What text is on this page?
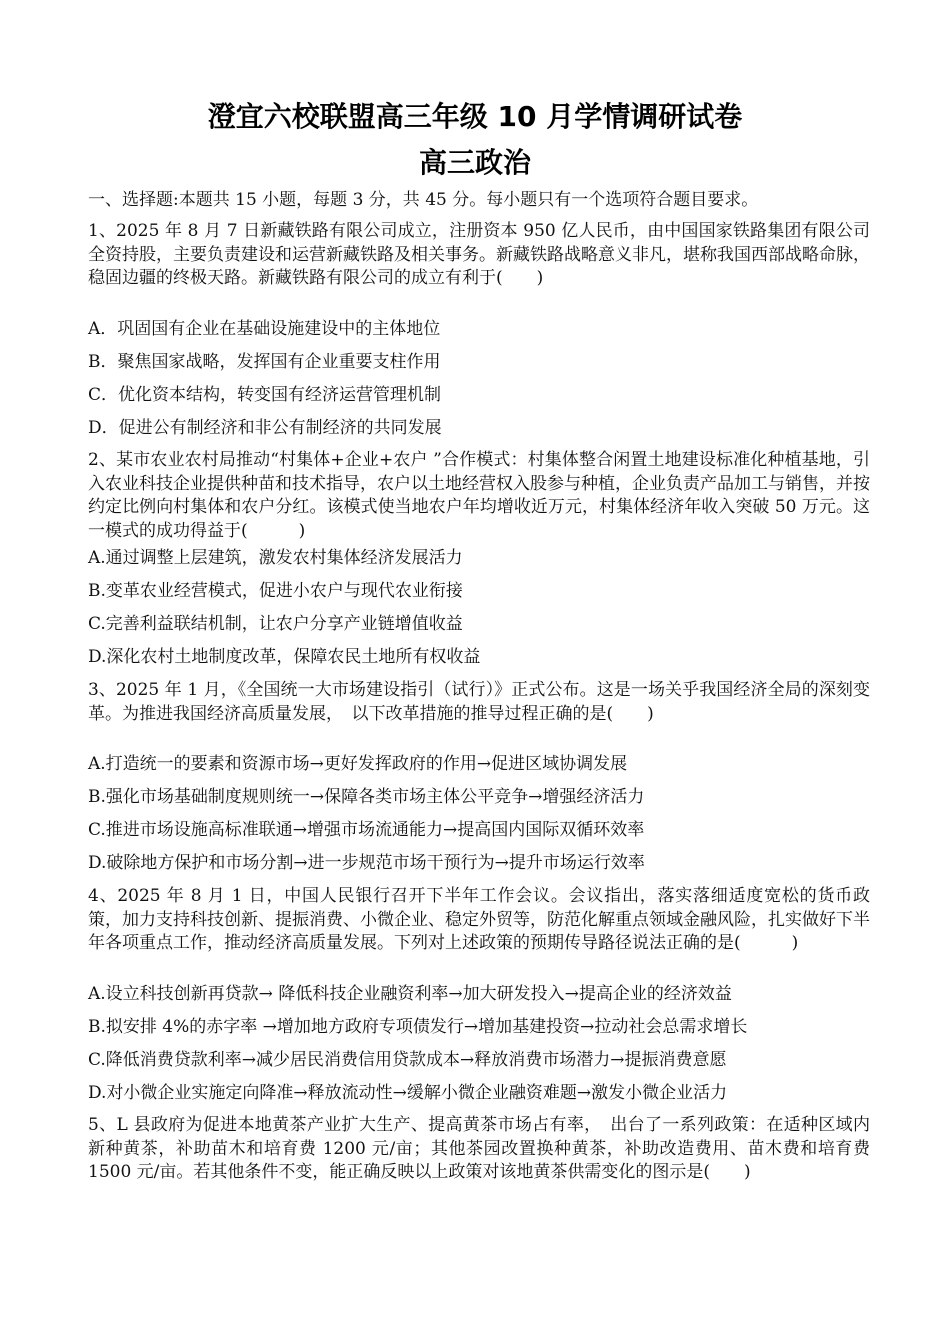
澄宜六校联盟高三年级 10 月学情调研试卷
高三政治
一、选择题:本题共 15 小题，每题 3 分，共 45 分。每小题只有一个选项符合题目要求。
1、2025 年 8 月 7 日新藏铁路有限公司成立，注册资本 950 亿人民币，由中国国家铁路集团有限公司全资持股，主要负责建设和运营新藏铁路及相关事务。新藏铁路战略意义非凡，堪称我国西部战略命脉，稳固边疆的终极天路。新藏铁路有限公司的成立有利于(　　)
A．巩固国有企业在基础设施建设中的主体地位
B．聚焦国家战略，发挥国有企业重要支柱作用
C．优化资本结构，转变国有经济运营管理机制
D．促进公有制经济和非公有制经济的共同发展
2、某市农业农村局推动“村集体+企业+农户 ”合作模式：村集体整合闲置土地建设标准化种植基地，引入农业科技企业提供种苗和技术指导，农户以土地经营权入股参与种植，企业负责产品加工与销售，并按约定比例向村集体和农户分红。该模式使当地农户年均增收近万元，村集体经济年收入突破 50 万元。这一模式的成功得益于(　　　)
A.通过调整上层建筑，激发农村集体经济发展活力
B.变革农业经营模式，促进小农户与现代农业衔接
C.完善利益联结机制，让农户分享产业链增值收益
D.深化农村土地制度改革，保障农民土地所有权收益
3、2025 年 1 月，《全国统一大市场建设指引（试行）》正式公布。这是一场关乎我国经济全局的深刻变革。为推进我国经济高质量发展，　以下改革措施的推导过程正确的是(　　)
A.打造统一的要素和资源市场→更好发挥政府的作用→促进区域协调发展
B.强化市场基础制度规则统一→保障各类市场主体公平竞争→增强经济活力
C.推进市场设施高标准联通→增强市场流通能力→提高国内国际双循环效率
D.破除地方保护和市场分割→进一步规范市场干预行为→提升市场运行效率
4、2025 年 8 月 1 日，中国人民银行召开下半年工作会议。会议指出，落实落细适度宽松的货币政策，加力支持科技创新、提振消费、小微企业、稳定外贸等，防范化解重点领域金融风险，扎实做好下半年各项重点工作，推动经济高质量发展。下列对上述政策的预期传导路径说法正确的是(　　　)
A.设立科技创新再贷款→ 降低科技企业融资利率→加大研发投入→提高企业的经济效益
B.拟安排 4%的赤字率 →增加地方政府专项债发行→增加基建投资→拉动社会总需求增长
C.降低消费贷款利率→减少居民消费信用贷款成本→释放消费市场潜力→提振消费意愿
D.对小微企业实施定向降准→释放流动性→缓解小微企业融资难题→激发小微企业活力
5、L 县政府为促进本地黄茶产业扩大生产、提高黄茶市场占有率，　出台了一系列政策：在适种区域内新种黄茶，补助苗木和培育费 1200 元/亩；其他茶园改置换种黄茶，补助改造费用、苗木费和培育费 1500 元/亩。若其他条件不变，能正确反映以上政策对该地黄茶供需变化的图示是(　　)
